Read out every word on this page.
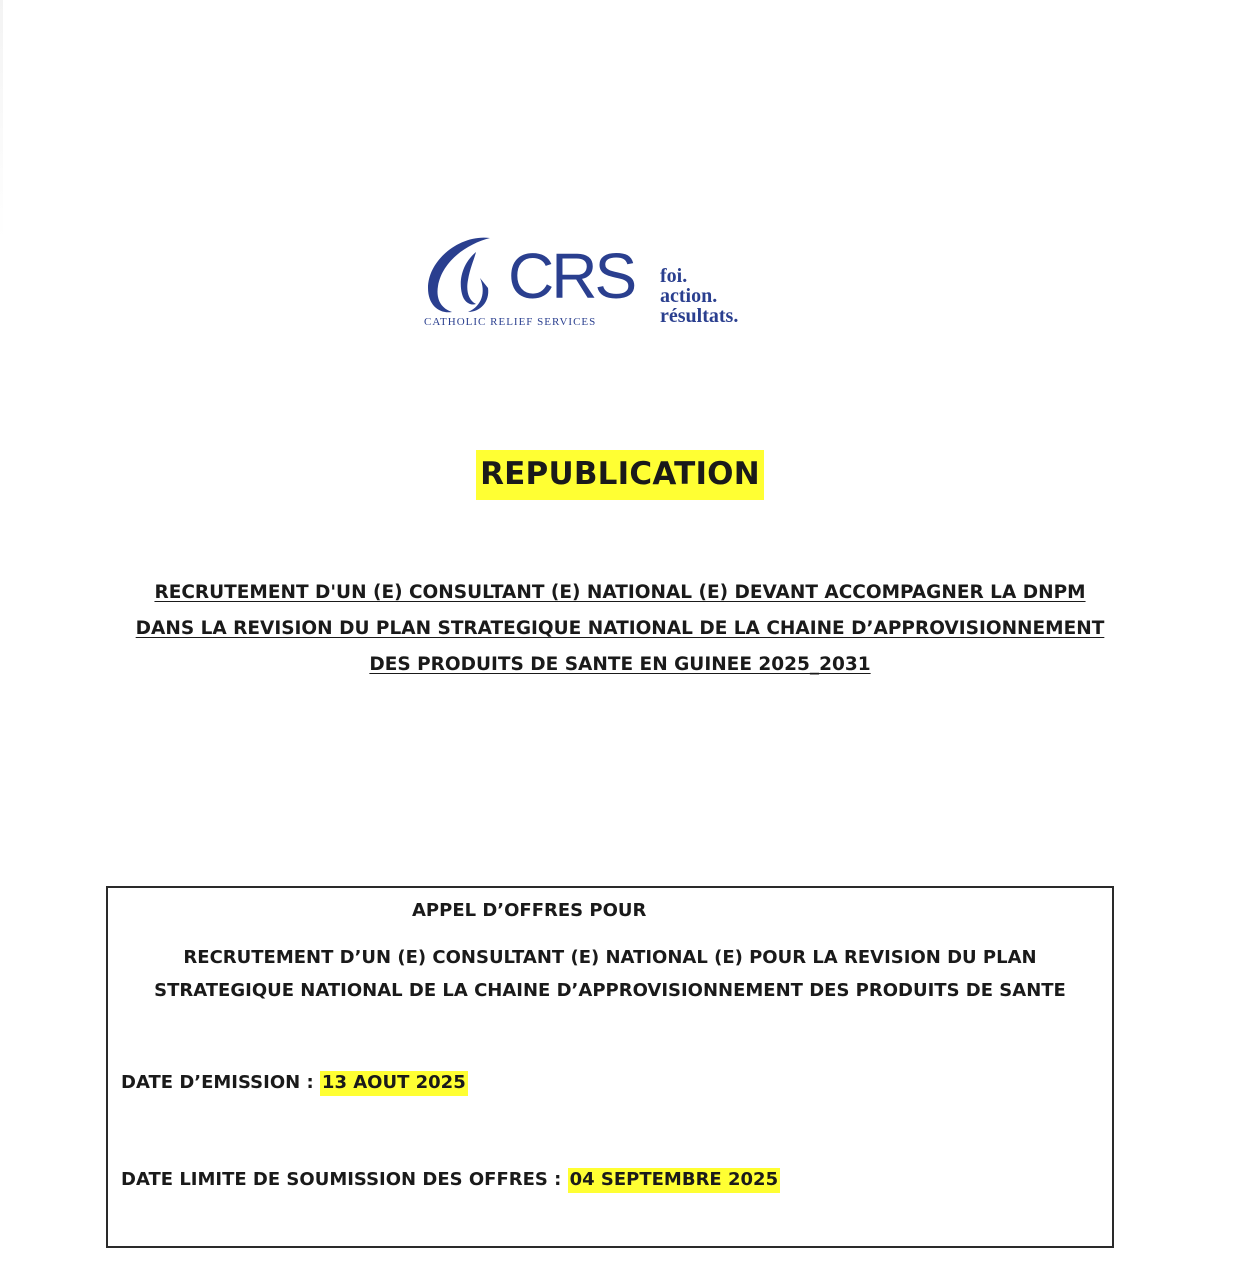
CRS
CATHOLIC RELIEF SERVICES
foi.
action.
résultats.
REPUBLICATION
RECRUTEMENT D'UN (E) CONSULTANT (E) NATIONAL (E) DEVANT ACCOMPAGNER LA DNPM
DANS LA REVISION DU PLAN STRATEGIQUE NATIONAL DE LA CHAINE D’APPROVISIONNEMENT
DES PRODUITS DE SANTE EN GUINEE 2025_2031
APPEL D’OFFRES POUR
RECRUTEMENT D’UN (E) CONSULTANT (E) NATIONAL (E) POUR LA REVISION DU PLAN
STRATEGIQUE NATIONAL DE LA CHAINE D’APPROVISIONNEMENT DES PRODUITS DE SANTE
DATE D’EMISSION : 13 AOUT 2025
DATE LIMITE DE SOUMISSION DES OFFRES : 04 SEPTEMBRE 2025
